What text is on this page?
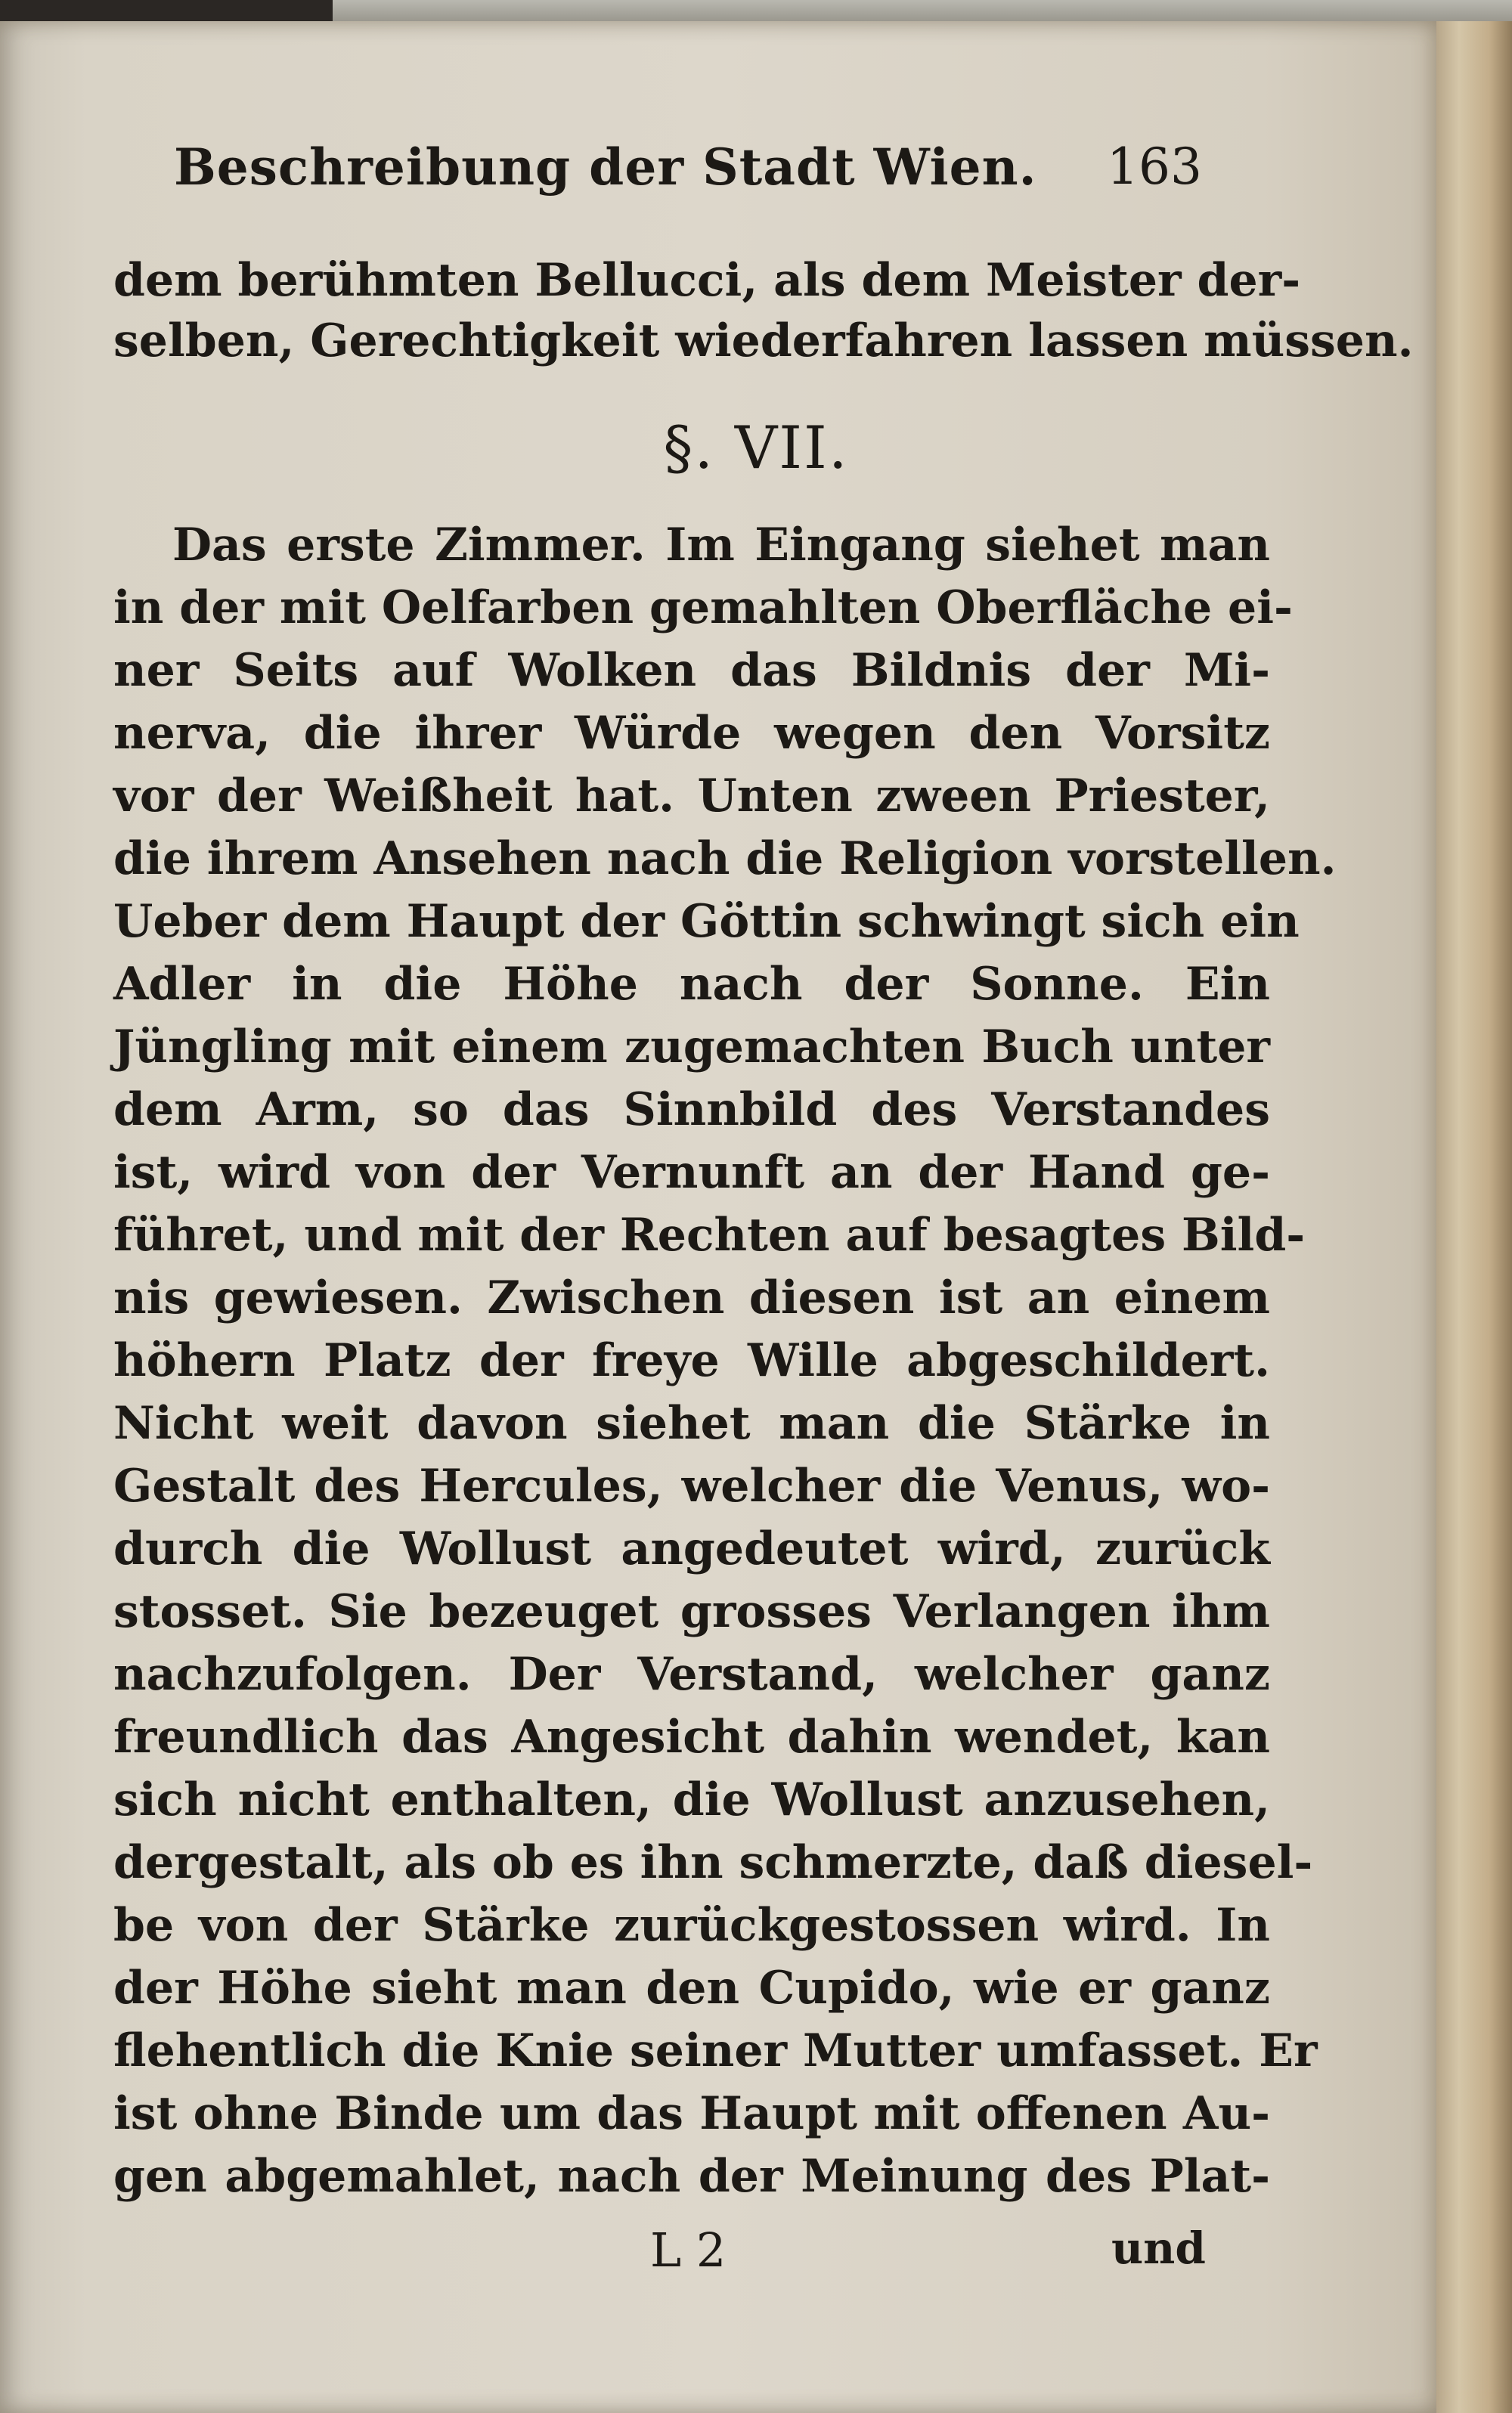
Beschreibung der Stadt Wien. 163
§. VII.
dem berühmten Bellucci, als dem Meister der-
selben, Gerechtigkeit wiederfahren lassen müssen.
Das erste Zimmer. Im Eingang siehet man
in der mit Oelfarben gemahlten Oberfläche ei-
ner Seits auf Wolken das Bildnis der Mi-
nerva, die ihrer Würde wegen den Vorsitz
vor der Weißheit hat. Unten zween Priester,
die ihrem Ansehen nach die Religion vorstellen.
Ueber dem Haupt der Göttin schwingt sich ein
Adler in die Höhe nach der Sonne. Ein
Jüngling mit einem zugemachten Buch unter
dem Arm, so das Sinnbild des Verstandes
ist, wird von der Vernunft an der Hand ge-
führet, und mit der Rechten auf besagtes Bild-
nis gewiesen. Zwischen diesen ist an einem
höhern Platz der freye Wille abgeschildert.
Nicht weit davon siehet man die Stärke in
Gestalt des Hercules, welcher die Venus, wo-
durch die Wollust angedeutet wird, zurück
stosset. Sie bezeuget grosses Verlangen ihm
nachzufolgen. Der Verstand, welcher ganz
freundlich das Angesicht dahin wendet, kan
sich nicht enthalten, die Wollust anzusehen,
dergestalt, als ob es ihn schmerzte, daß diesel-
be von der Stärke zurückgestossen wird. In
der Höhe sieht man den Cupido, wie er ganz
flehentlich die Knie seiner Mutter umfasset. Er
ist ohne Binde um das Haupt mit offenen Au-
gen abgemahlet, nach der Meinung des Plat-
L 2	und
